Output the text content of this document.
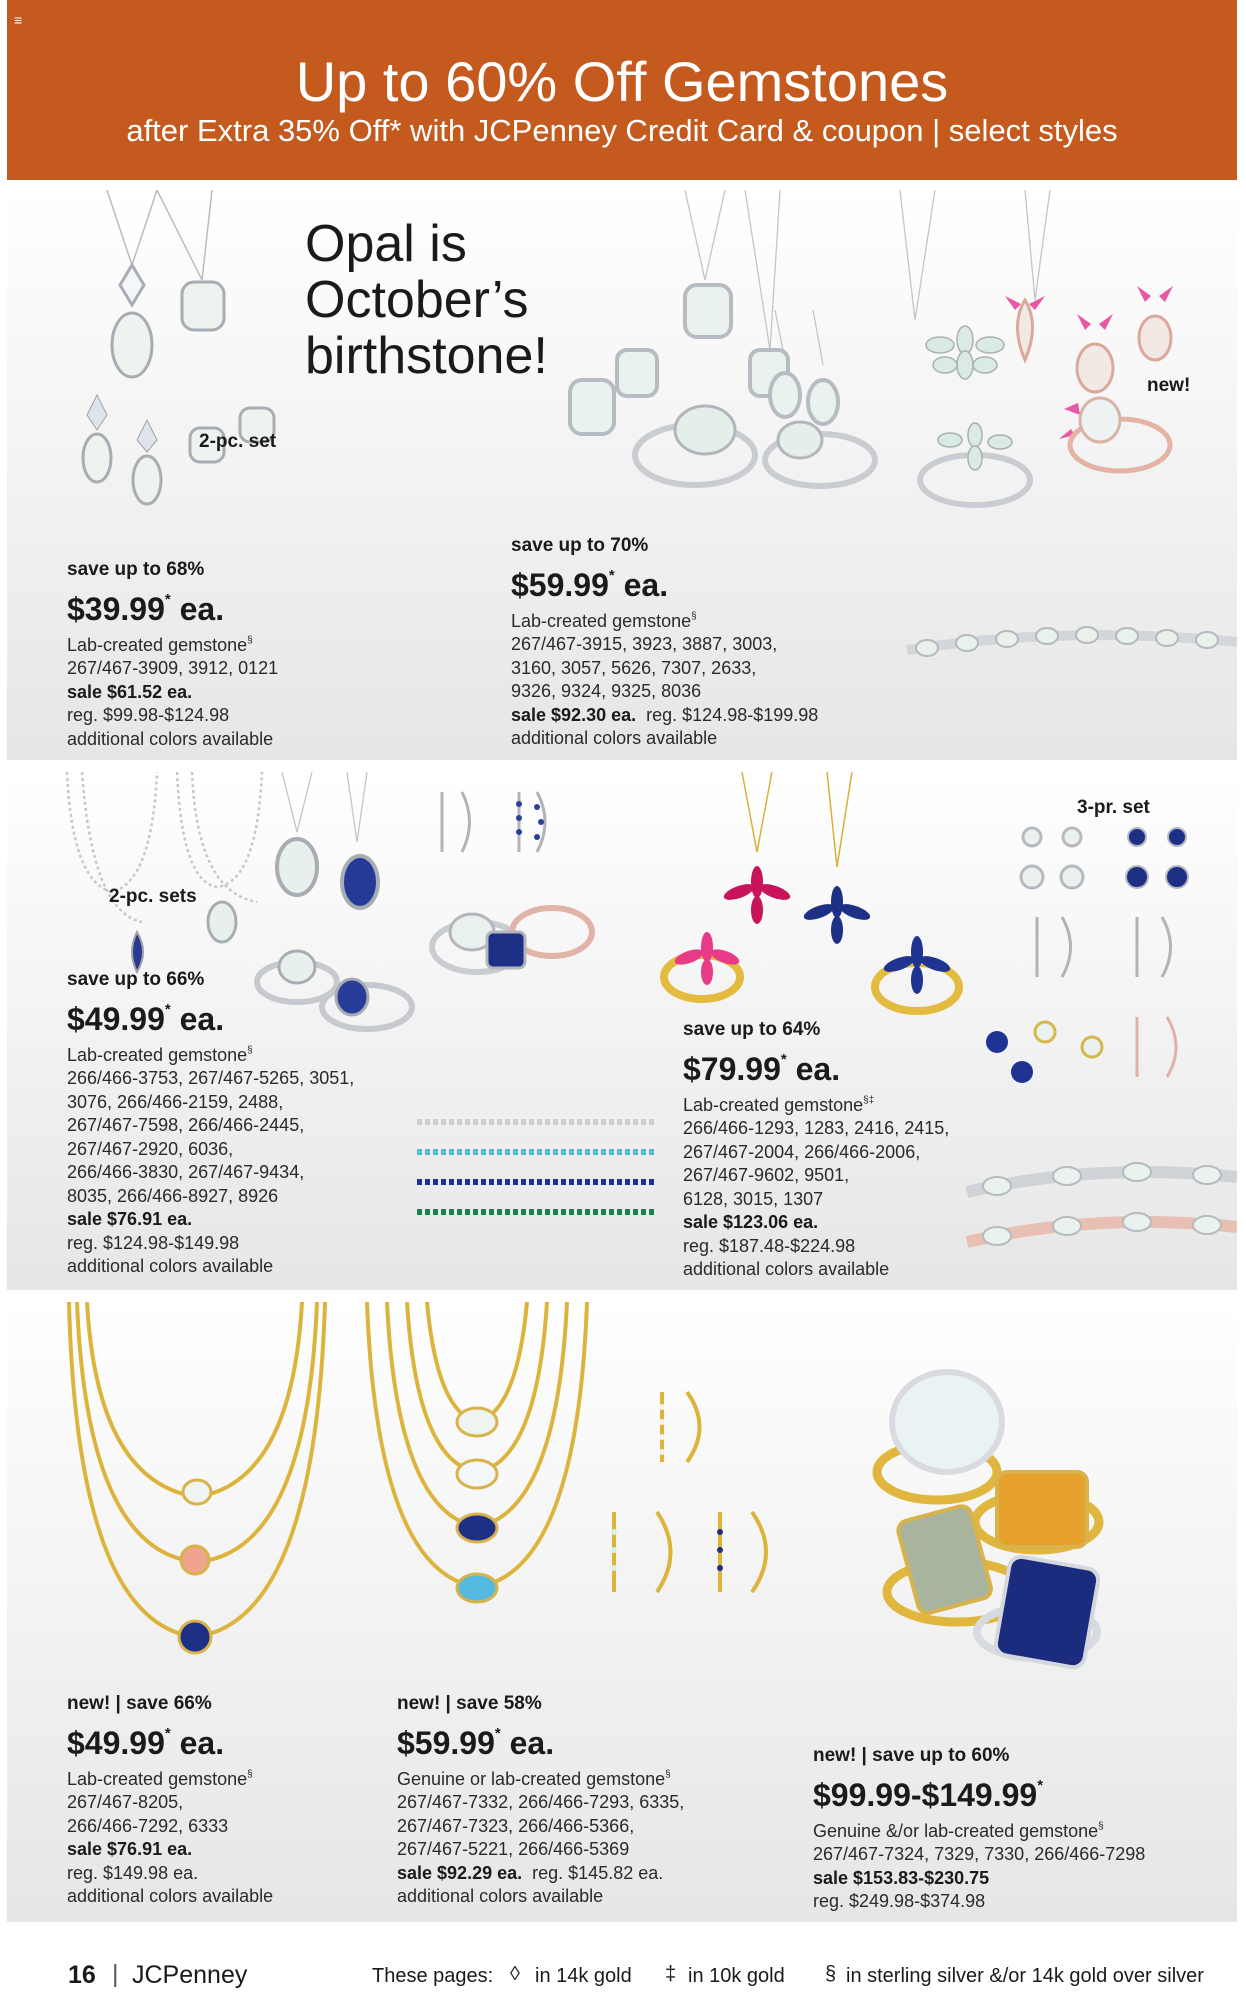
≡
Up to 60% Off Gemstones
after Extra 35% Off* with JCPenney Credit Card & coupon | select styles
2-pc. set
Opal is
October’s
birthstone!
new!
save up to 68%
$39.99* ea.
Lab-created gemstone§
267/467-3909, 3912, 0121
sale $61.52 ea.
reg. $99.98-$124.98
additional colors available
save up to 70%
$59.99* ea.
Lab-created gemstone§
267/467-3915, 3923, 3887, 3003,
3160, 3057, 5626, 7307, 2633,
9326, 9324, 9325, 8036
sale $92.30 ea. reg. $124.98-$199.98
additional colors available
2-pc. sets
3-pr. set
save up to 66%
$49.99* ea.
Lab-created gemstone§
266/466-3753, 267/467-5265, 3051,
3076, 266/466-2159, 2488,
267/467-7598, 266/466-2445,
267/467-2920, 6036,
266/466-3830, 267/467-9434,
8035, 266/466-8927, 8926
sale $76.91 ea.
reg. $124.98-$149.98
additional colors available
save up to 64%
$79.99* ea.
Lab-created gemstone§‡
266/466-1293, 1283, 2416, 2415,
267/467-2004, 266/466-2006,
267/467-9602, 9501,
6128, 3015, 1307
sale $123.06 ea.
reg. $187.48-$224.98
additional colors available
new! | save 66%
$49.99* ea.
Lab-created gemstone§
267/467-8205,
266/466-7292, 6333
sale $76.91 ea.
reg. $149.98 ea.
additional colors available
new! | save 58%
$59.99* ea.
Genuine or lab-created gemstone§
267/467-7332, 266/466-7293, 6335,
267/467-7323, 266/466-5366,
267/467-5221, 266/466-5369
sale $92.29 ea. reg. $145.82 ea.
additional colors available
new! | save up to 60%
$99.99-$149.99*
Genuine &/or lab-created gemstone§
267/467-7324, 7329, 7330, 266/466-7298
sale $153.83-$230.75
reg. $249.98-$374.98
16 | JCPenney	These pages: ◊ in 14k gold ‡ in 10k gold § in sterling silver &/or 14k gold over silver
